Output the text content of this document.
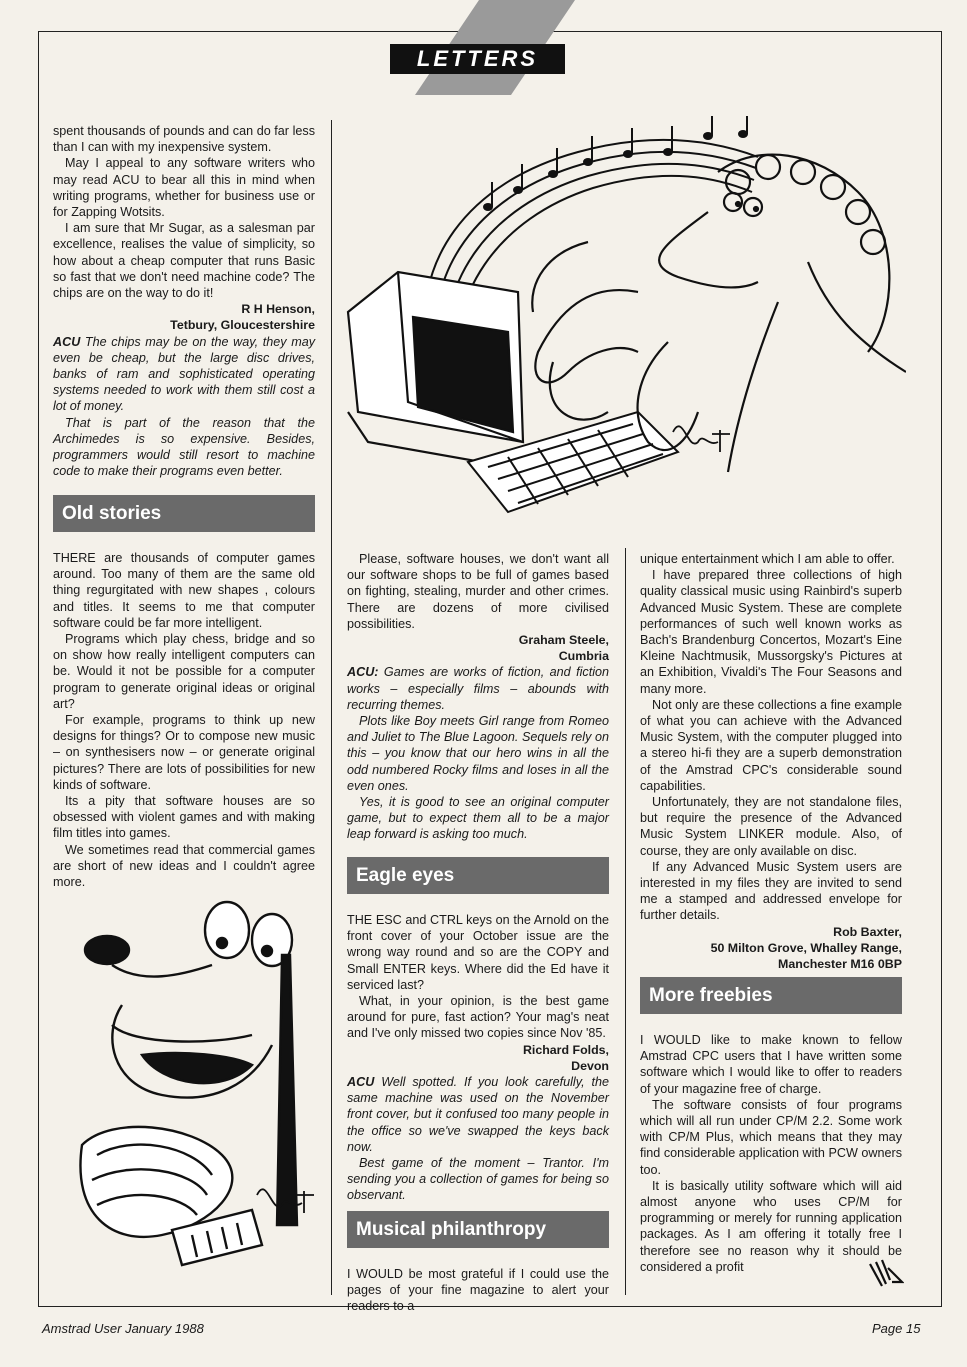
LETTERS

spent thousands of pounds and can do far less than I can with my inexpensive system.

May I appeal to any software writers who may read ACU to bear all this in mind when writing programs, whether for business use or for Zapping Wotsits.

I am sure that Mr Sugar, as a salesman par excellence, realises the value of simplicity, so how about a cheap computer that runs Basic so fast that we don't need machine code? The chips are on the way to do it!

R H Henson,
Tetbury, Gloucestershire

ACU The chips may be on the way, they may even be cheap, but the large disc drives, banks of ram and sophisticated operating systems needed to work with them still cost a lot of money.

That is part of the reason that the Archimedes is so expensive. Besides, programmers would still resort to machine code to make their programs even better.

Old stories

THERE are thousands of computer games around. Too many of them are the same old thing regurgitated with new shapes , colours and titles. It seems to me that computer software could be far more intelligent.

Programs which play chess, bridge and so on show how really intelligent computers can be. Would it not be possible for a computer program to generate original ideas or original art?

For example, programs to think up new designs for things? Or to compose new music – on synthesisers now – or generate original pictures? There are lots of possibilities for new kinds of software.

Its a pity that software houses are so obsessed with violent games and with making film titles into games.

We sometimes read that commercial games are short of new ideas and I couldn't agree more.

Please, software houses, we don't want all our software shops to be full of games based on fighting, stealing, murder and other crimes. There are dozens of more civilised possibilities.

Graham Steele,
Cumbria

ACU: Games are works of fiction, and fiction works – especially films – abounds with recurring themes.

Plots like Boy meets Girl range from Romeo and Juliet to The Blue Lagoon. Sequels rely on this – you know that our hero wins in all the odd numbered Rocky films and loses in all the even ones.

Yes, it is good to see an original computer game, but to expect them all to be a major leap forward is asking too much.

Eagle eyes

THE ESC and CTRL keys on the Arnold on the front cover of your October issue are the wrong way round and so are the COPY and Small ENTER keys. Where did the Ed have it serviced last?

What, in your opinion, is the best game around for pure, fast action? Your mag's neat and I've only missed two copies since Nov '85.

Richard Folds,
Devon

ACU Well spotted. If you look carefully, the same machine was used on the November front cover, but it confused too many people in the office so we've swapped the keys back now.

Best game of the moment – Trantor. I'm sending you a collection of games for being so observant.

Musical philanthropy

I WOULD be most grateful if I could use the pages of your fine magazine to alert your readers to a

unique entertainment which I am able to offer.

I have prepared three collections of high quality classical music using Rainbird's superb Advanced Music System. These are complete performances of such well known works as Bach's Brandenburg Concertos, Mozart's Eine Kleine Nachtmusik, Mussorgsky's Pictures at an Exhibition, Vivaldi's The Four Seasons and many more.

Not only are these collections a fine example of what you can achieve with the Advanced Music System, with the computer plugged into a stereo hi-fi they are a superb demonstration of the Amstrad CPC's considerable sound capabilities.

Unfortunately, they are not standalone files, but require the presence of the Advanced Music System LINKER module. Also, of course, they are only available on disc.

If any Advanced Music System users are interested in my files they are invited to send me a stamped and addressed envelope for further details.

Rob Baxter,
50 Milton Grove, Whalley Range,
Manchester M16 0BP
More freebies

I WOULD like to make known to fellow Amstrad CPC users that I have written some software which I would like to offer to readers of your magazine free of charge.

The software consists of four programs which will all run under CP/M 2.2. Some work with CP/M Plus, which means that they may find considerable application with PCW owners too.

It is basically utility software which will aid almost anyone who uses CP/M for programming or merely for running application packages. As I am offering it totally free I therefore see no reason why it should be considered a profit

Amstrad User January 1988	Page 15
